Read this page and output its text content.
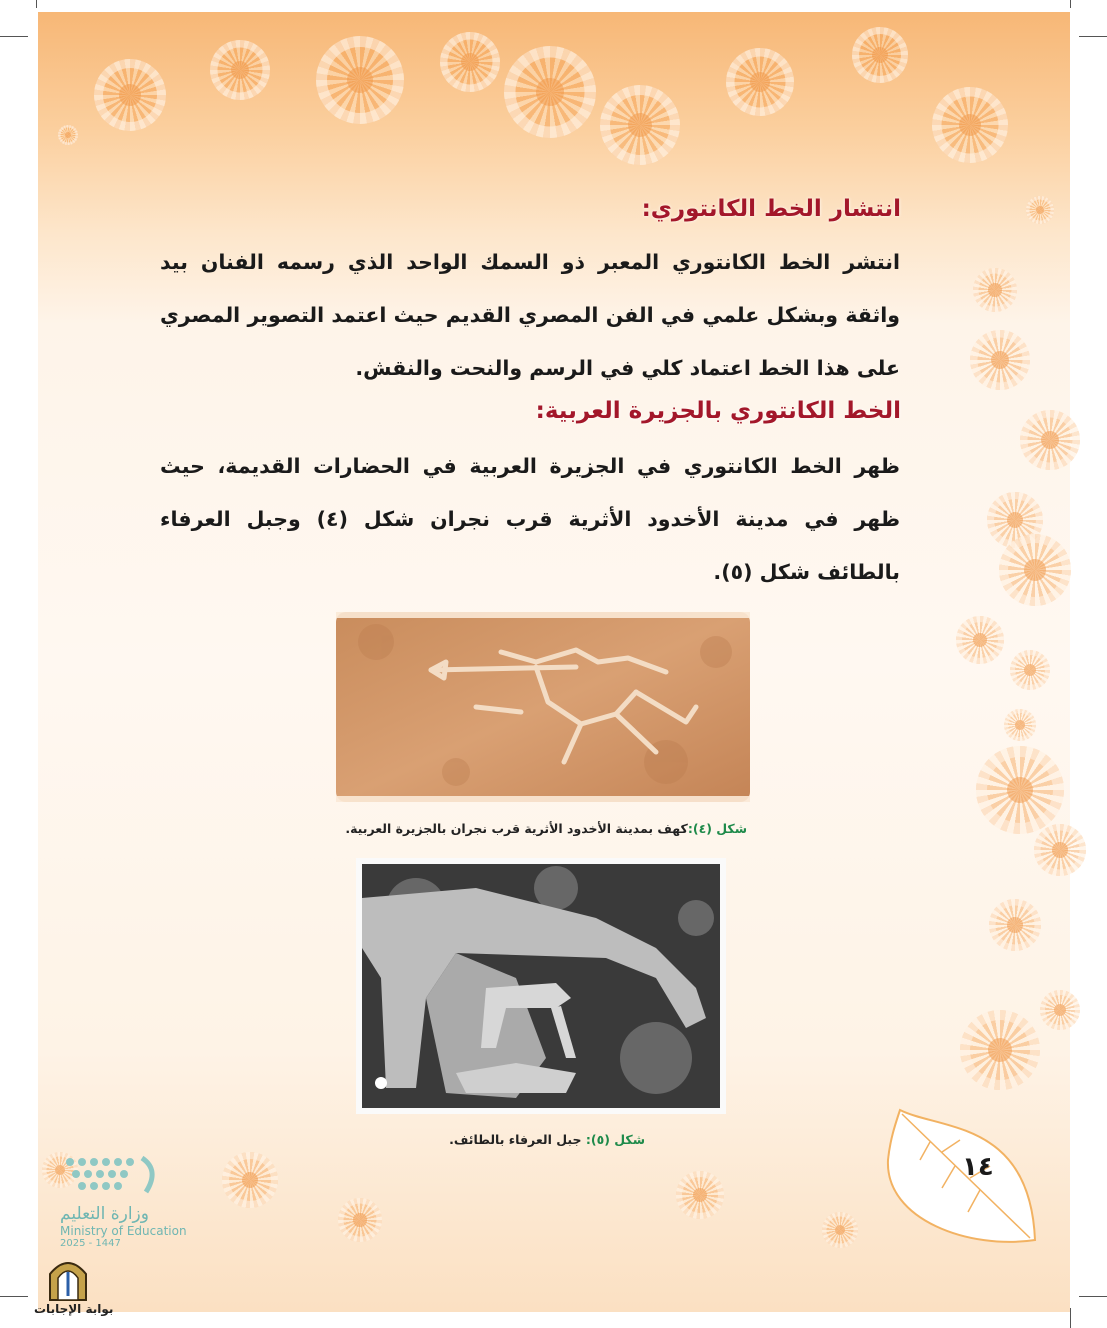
انتشار الخط الكانتوري:
انتشر الخط الكانتوري المعبر ذو السمك الواحد الذي رسمه الفنان بيد واثقة وبشكل علمي في الفن المصري القديم حيث اعتمد التصوير المصري على هذا الخط اعتماد كلي في الرسم والنحت والنقش.
الخط الكانتوري بالجزيرة العربية:
ظهر الخط الكانتوري في الجزيرة العربية في الحضارات القديمة، حيث ظهر في مدينة الأخدود الأثرية قرب نجران شكل (٤) وجبل العرفاء بالطائف شكل (٥).
شكل (٤):كهف بمدينة الأخدود الأثرية قرب نجران بالجزيرة العربية.
شكل (٥): جبل العرفاء بالطائف.
١٤
وزارة التعليم
Ministry of Education
2025 - 1447
بوابة الإجابات
